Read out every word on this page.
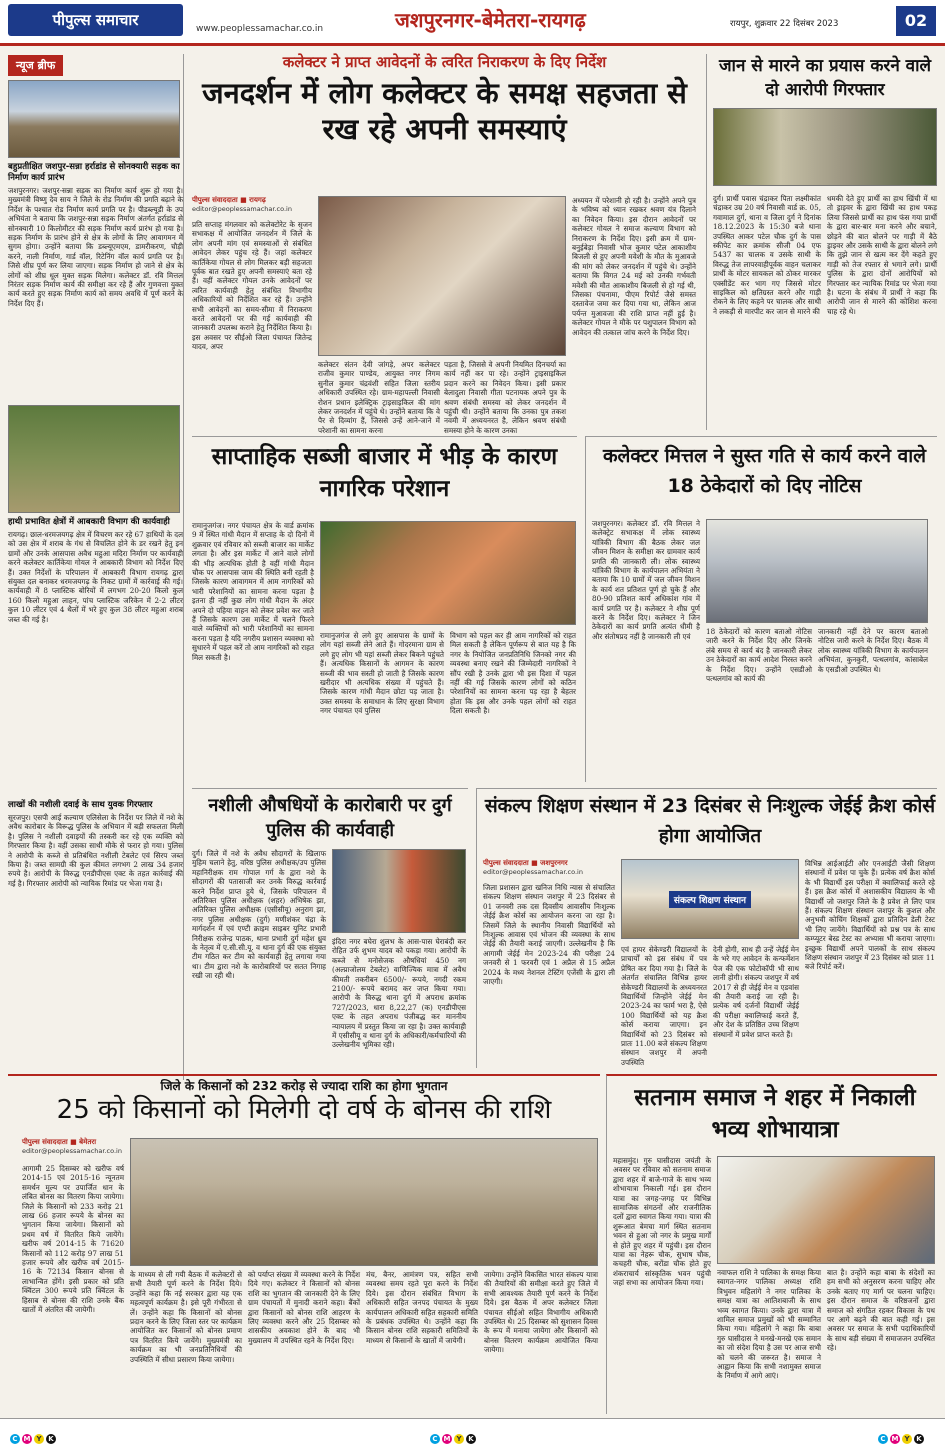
पीपुल्स समाचार	www.peoplessamachar.co.in	जशपुरनगर-बेमेतरा-रायगढ़	रायपुर, शुक्रवार 22 दिसंबर 2023	02
न्यूज ब्रीफ
बहुप्रतीक्षित जशपुर-सन्ना हर्राडांड से सोनक्यारी सड़क का निर्माण कार्य प्रारंभ
जशपुरनगर। जशपुर-सन्ना सड़क का निर्माण कार्य शुरू हो गया है। मुख्यमंत्री विष्णु देव साय ने जिले के रोड निर्माण की प्रगति बढ़ाने के निर्देश के पश्चात रोड निर्माण कार्य प्रगति पर है। पीडब्ल्यूडी के उप अभियंता ने बताया कि जशपुर-सन्ना सड़क निर्माण अंतर्गत हर्राडांड से सोनक्यारी 10 किलोमीटर की सड़क निर्माण कार्य प्रारंभ हो गया है। सड़क निर्माण के प्रारंभ होने से क्षेत्र के लोगों के लिए आवागमन में सुगम होगा। उन्होंने बताया कि डब्ल्यूएमएम, डामरीकरण, चौड़ी करने, नाली निर्माण, गार्ड वॉल, रिटेनिंग वॉल कार्य प्रगति पर है। जिसे शीघ्र पूर्ण कर लिया जाएगा। सड़क निर्माण हो जाने से क्षेत्र के लोगों को शीघ्र धूल मुक्त सड़क मिलेगा। कलेक्टर डॉ. रवि मित्तल निरंतर सड़क निर्माण कार्य की समीक्षा कर रहे हैं और गुणवत्ता युक्त कार्य करते हुए सड़क निर्माण कार्य को समय अवधि में पूर्ण करने के निर्देश दिए हैं।
हाथी प्रभावित क्षेत्रों में आबकारी विभाग की कार्यवाही
रायगढ़। छाल-धरमजयगढ़ क्षेत्र में विचरण कर रहे 67 हाथियों के दल को उस क्षेत्र में शराब के गंध से विचलित होने के डर रखने हेतु इन ग्रामों और उनके आसपास अवैध महुआ मदिरा निर्माण पर कार्यवाही करने कलेक्टर कार्तिकेया गोयल ने आबकारी विभाग को निर्देश दिए हैं। उक्त निर्देशों के परिपालन में आबकारी विभाग रायगढ़ द्वारा संयुक्त दल बनाकर धरमजयगढ़ के निकट ग्रामों में कार्रवाई की गई। कार्यवाही में 8 प्लास्टिक बोरियों में लगभग 20-20 किलो कुल 160 किलो महुआ लाहन, पांच प्लास्टिक जरिकेन में 2-2 लीटर कुल 10 लीटर एवं 4 थैलों में भरे हुए कुल 38 लीटर महुआ शराब जब्त की गई है।
लाखों की नशीली दवाई के साथ युवक गिरफ्तार
सूरजपुर। एसपी आई कल्याण एलिसेला के निर्देश पर जिले में नशे के अवैध कारोबार के विरूद्ध पुलिस के अभियान में बड़ी सफलता मिली है। पुलिस ने नशीली दवाइयों की तस्करी कर रहे एक व्यक्ति को गिरफ्तार किया है। वहीं उसका साथी मौके से फरार हो गया। पुलिस ने आरोपी के कब्जे से प्रतिबंधित नशीली टेबलेट एवं सिरप जब्त किया है। जब्त सामग्री की कुल कीमत लगभग 2 लाख 34 हजार रुपये है। आरोपी के विरुद्ध एनडीपीएस एक्ट के तहत कार्रवाई की गई है। गिरफ्तार आरोपी को न्यायिक रिमांड पर भेजा गया है।
कलेक्टर ने प्राप्त आवेदनों के त्वरित निराकरण के दिए निर्देश
जनदर्शन में लोग कलेक्टर के समक्ष सहजता से रख रहे अपनी समस्याएं
पीपुल्स संवाददाता ■ रायगढ़
editor@peoplessamachar.co.in
प्रति सप्ताह मंगलवार को कलेक्टोरेट के सृजन सभाकक्ष में आयोजित जनदर्शन में जिले के लोग अपनी मांग एवं समस्याओं से संबंधित आवेदन लेकर पहुंच रहे हैं। जहां कलेक्टर कार्तिकेया गोयल से लोग मिलकर बड़ी सहजता पूर्वक बात रखते हुए अपनी समस्याएं बता रहे हैं। वहीं कलेक्टर गोयल उनके आवेदनों पर त्वरित कार्यवाही हेतु संबंधित विभागीय अधिकारियों को निर्देशित कर रहे हैं। उन्होंने सभी आवेदनों का समय-सीमा में निराकरण करते आवेदनों पर की गई कार्यवाही की जानकारी उपलब्ध कराने हेतु निर्देशित किया है। इस अवसर पर सीईओ जिला पंचायत जितेन्द्र यादव, अपर
कलेक्टर संतन देवी जांगड़े, अपर कलेक्टर राजीव कुमार पाण्डेय, आयुक्त नगर निगम सुनील कुमार चंद्रवंशी सहित जिला स्तरीय अधिकारी उपस्थित रहे। ग्राम-महापल्ली निवासी रोशन प्रधान इलेक्ट्रिक ट्राइसाइकिल की मांग लेकर जनदर्शन में पहुंचे थे। उन्होंने बताया कि वे पैर से दिव्यांग हैं, जिससे उन्हें आने-जाने में परेशानी का सामना करना
पड़ता है, जिससे वे अपनी नियमित दिनचर्या का कार्य नहीं कर पा रहे। उन्होंने ट्राइसाइकिल प्रदान करने का निवेदन किया। इसी प्रकार बेलादुला निवासी गीता पटनायक अपने पुत्र के श्रवण संबंधी समस्या को लेकर जनदर्शन में पहुंची थी। उन्होंने बताया कि उनका पुत्र तकश नवमी में अध्ययनरत है, लेकिन श्रवण संबंधी समस्या होने के कारण उनका
अध्ययन में परेशानी हो रही है। उन्होंने अपने पुत्र के भविष्य को ध्यान रखकर श्रवण यंत्र दिलाने का निवेदन किया। इस दौरान आवेदनों पर कलेक्टर गोयल ने समाज कल्याण विभाग को निराकरण के निर्देश दिए। इसी क्रम में ग्राम-बनुईबेड़ा निवासी भोज कुमार पटेल आकाशीय बिजली से हुए अपनी मवेशी के मौत के मुआवजे की मांग को लेकर जनदर्शन में पहुंचे थे। उन्होंने बताया कि विगत 24 मई को उनकी गर्भवती मवेशी की मौत आकाशीय बिजली से हो गई थी, जिसका पंचनामा, पीएम रिपोर्ट जैसे समस्त दस्तावेज जमा कर दिया गया था, लेकिन आज पर्यन्त मुआवजा की राशि प्राप्त नहीं हुई है। कलेक्टर गोयल ने मौके पर पशुपालन विभाग को आवेदन की तत्काल जांच करने के निर्देश दिए।
जान से मारने का प्रयास करने वाले दो आरोपी गिरफ्तार
दुर्ग। प्रार्थी पवास चंद्राकर पिता लक्ष्मीकांत चंद्राकर उम्र 20 वर्ष निवासी वार्ड क्र. 05, गवामाल दुर्ग, थाना व जिला दुर्ग ने दिनांक 18.12.2023 के 15:30 बजे थाना उपस्थित आकर पटेल चौक दुर्ग के पास स्कीपेट कार क्रमांक सीजी 04 एफ 5437 का चालक व उसके साथी के विरुद्ध तेज लापरवाहीपूर्वक वाहन चलाकर प्रार्थी के मोटर सायकल को ठोकर मारकर एक्सीडेंट कर भाग गए जिससे मोटर साइकिल को क्षतिग्रस्त करने और गाड़ी रोकने के लिए कहने पर चालक और साथी ने लकड़ी से मारपीट कर जान से मारने की
धमकी देते हुए प्रार्थी का हाथ खिंची में था तो ड्राइवर के द्वारा खिंची का हाथ पकड़ लिया जिससे प्रार्थी का हाथ फंस गया प्रार्थी के द्वारा बार-बार मना करने और बचाने, छोड़ने की बात बोलने पर गाड़ी में बैठे ड्राइवर और उसके साथी के द्वारा बोलने लगे कि तुझे जान से खत्म कर देंगे कहते हुए गाड़ी को तेज रफ्तार से भगाने लगे। प्रार्थी पुलिस के द्वारा दोनों आरोपियों को गिरफ्तार कर न्यायिक रिमांड पर भेजा गया है। घटना के संबंध में प्रार्थी ने कहा कि आरोपी जान से मारने की कोशिश करना चाह रहे थे।
साप्ताहिक सब्जी बाजार में भीड़ के कारण नागरिक परेशान
रामानुजगंज। नगर पंचायत क्षेत्र के वार्ड क्रमांक 9 में स्थित गांधी मैदान में सप्ताह के दो दिनों में शुक्रवार एवं रविवार को सब्जी बाजार का मार्केट लगता है। और इस मार्केट में आने वाले लोगों की भीड़ अत्यधिक होती है वहीं गांधी मैदान चौक पर आसपास जाम की स्थिति बनी रहती है जिसके कारण आवागमन में आम नागरिकों को भारी परेशानियों का सामना करना पड़ता है इतना ही नहीं कुछ लोग गांधी मैदान के अंदर अपने दो पहिया वाहन को लेकर प्रवेश कर जाते हैं जिसके कारण उस मार्केट में चलने फिरने वाले व्यक्तियों को भारी परेशानियों का सामना करना पड़ता है यदि नगरीय प्रशासन व्यवस्था को सुधारने में पहल करें तो आम नागरिकों को राहत मिल सकती है।
रामानुजगंज से लगे हुए आसपास के ग्रामों के लोग यहां सब्जी लेने आते हैं। गोदरमाना ग्राम से लगे हुए लोग भी यहां सब्जी लेकर बिकने पहुंचते हैं। अत्यधिक किसानों के आगमन के कारण सब्जी की भाव सस्ती हो जाती है जिसके कारण खरीदार भी अत्यधिक संख्या में पहुंचते हैं। जिसके कारण गांधी मैदान छोटा पड़ जाता है। उक्त समस्या के समाधान के लिए सुरक्षा विभाग नगर पंचायत एवं पुलिस
विभाग को पहल कर ही आम नागरिकों को राहत मिल सकती है लेकिन पूर्णरूप से बात यह है कि नगर के नियोजित जनप्रतिनिधि जिनको नगर की व्यवस्था बनाए रखने की जिम्मेदारी नागरिकों ने सौंप रखी है उनके द्वारा भी इस दिशा में पहल नहीं की गई जिसके कारण लोगों को कठिन परेशानियों का सामना करना पड़ रहा है बेहतर होता कि इस और उनके पहल लोगों को राहत दिला सकती है।
कलेक्टर मित्तल ने सुस्त गति से कार्य करने वाले 18 ठेकेदारों को दिए नोटिस
जशपुरनगर। कलेक्टर डॉ. रवि मित्तल ने कलेक्ट्रेट सभाकक्ष में लोक स्वास्थ्य यांत्रिकी विभाग की बैठक लेकर जल जीवन मिशन के समीक्षा कर ग्रामवार कार्य प्रगति की जानकारी ली। लोक स्वास्थ्य यांत्रिकी विभाग के कार्यपालन अभियंता ने बताया कि 10 ग्रामों में जल जीवन मिशन के कार्य शत प्रतिशत पूर्ण हो चुके हैं और 80-90 प्रतिशत कार्य अधिकांश गांव में कार्य प्रगति पर है। कलेक्टर ने शीघ्र पूर्ण करने के निर्देश दिए। कलेक्टर ने जिन ठेकेदारों का कार्य प्रगति अत्यंत धीमी है और संतोषप्रद नहीं है जानकारी ली एवं
18 ठेकेदारों को कारण बताओ नोटिस जारी करने के निर्देश दिए और जिनके लंबे समय से कार्य बंद है जानकारी लेकर उन ठेकेदारों का कार्य आदेश निरस्त करने के निर्देश दिए। उन्होंने एसडीओ पत्थलगांव को कार्य की
जानकारी नहीं देने पर कारण बताओ नोटिस जारी करने के निर्देश दिए। बैठक में लोक स्वास्थ्य यांत्रिकी विभाग के कार्यपालन अभियंता, कुनकुरी, पत्थलगांव, कांसाबेल के एसडीओ उपस्थित थे।
नशीली औषधियों के कारोबारी पर दुर्ग पुलिस की कार्यवाही
दुर्ग। जिले में नशे के अवैध सौदागरों के खिलाफ मुहिम चलाने हेतु, वरिष्ठ पुलिस अधीक्षक/उप पुलिस महानिरीक्षक राम गोपाल गर्ग के द्वारा नशे के सौदागरों की पतासाजी कर उनके विरुद्ध कार्रवाई करने निर्देश प्राप्त हुये थे, जिसके परिपालन में अतिरिक्त पुलिस अधीक्षक (शहर) अभिषेक झा, अतिरिक्त पुलिस अधीक्षक (एसीसीयू) अनुराग झा, नगर पुलिस अधीक्षक (दुर्ग) मणीशंकर चंद्रा के मार्गदर्शन में एवं एण्टी क्राइम साइबर यूनिट प्रभारी निरीक्षक राजेन्द्र पाठक, थाना प्रभारी दुर्ग महेश ध्रुव के नेतृत्व में ए.सी.सी.यू. व थाना दुर्ग की एक संयुक्त टीम गठित कर टीम को कार्यवाही हेतु लगाया गया था। टीम द्वारा नशे के कारोबारियों पर सतत निगाह रखी जा रही थी।
इंदिरा नगर बघेरा शुलभ के आस-पास घेराबंदी कर रोहित उर्फ शुभम यादव को पकड़ा गया। आरोपी के कब्जे से मनोसेजक औषधियां 450 नग (अल्प्राजोलम टेबलेट) वाणिज्यिक मात्रा में अवैध कीमती तकरीबन 6500/- रूपये, नगदी रकम 2100/- रूपये बरामद कर जप्त किया गया। आरोपी के विरुद्ध थाना दुर्ग में अपराध क्रमांक 727/2023, धारा 8,22,27 (क) एनडीपीएस एक्ट के तहत अपराध पंजीबद्ध कर माननीय न्यायालय में प्रस्तुत किया जा रहा है। उक्त कार्यवाही में एसीसीयू व थाना दुर्ग के अधिकारी/कर्मचारियों की उल्लेखनीय भूमिका रही।
संकल्प शिक्षण संस्थान में 23 दिसंबर से निःशुल्क जेईई क्रैश कोर्स होगा आयोजित
पीपुल्स संवाददाता ■ जशपुरनगर
editor@peoplessamachar.co.in
जिला प्रशासन द्वारा खनिज निधि न्यास से संचालित संकल्प शिक्षण संस्थान जशपुर में 23 दिसंबर से 01 जनवरी तक दस दिवसीय आवासीय निःशुल्क जेईई क्रैश कोर्स का आयोजन करना जा रहा है। जिसमें जिले के स्थानीय निवासी विद्यार्थियों को निःशुल्क आवास एवं भोजन की व्यवस्था के साथ जेईई की तैयारी कराई जाएगी। उल्लेखनीय है कि आगामी जेईई मेन 2023-24 की परीक्षा 24 जनवरी से 1 फरवरी एवं 1 अप्रैल से 15 अप्रैल 2024 के मध्य नेशनल टेस्टिंग एजेंसी के द्वारा ली जाएगी।
संकल्प शिक्षण संस्थान
एवं हायर सेकेण्डरी विद्यालयों के प्राचार्यों को इस संबंध में पत्र प्रेषित कर दिया गया है। जिले के अंतर्गत संचालित विभिन्न हायर सेकेण्डरी विद्यालयों के अध्ययनरत विद्यार्थियों जिन्होंने जेईई मेन 2023-24 का फार्म भरा है, ऐसे 100 विद्यार्थियों को यह क्रैश कोर्स कराया जाएगा। इन विद्यार्थियों को 23 दिसंबर को प्रातः 11.00 बजे संकल्प शिक्षण संस्थान जशपुर में अपनी उपस्थिति
देनी होगी, साथ ही उन्हें जेईई मेन के भरे गए आवेदन के कन्फर्मेशन पेज की एक फोटोकॉपी भी साथ लानी होगी। संकल्प जशपुर में वर्ष 2017 से ही जेईई मेन व एडवांस की तैयारी कराई जा रही है। प्रत्येक वर्ष दर्जनों विद्यार्थी जेईई की परीक्षा क्वालिफाई करते हैं, और देश के प्रतिष्ठित उच्च शिक्षण संस्थानों में प्रवेश प्राप्त करते हैं।
विभिन्न आईआईटी और एनआईटी जैसी शिक्षण संस्थानों में प्रवेश पा चुके हैं। प्रत्येक वर्ष क्रैश कोर्स के भी विद्यार्थी इस परीक्षा में क्वालिफाई करते रहे हैं। इस क्रैश कोर्स में अशासकीय विद्यालय के भी विद्यार्थी जो जशपुर जिले के है प्रवेश ले लिए पात्र हैं। संकल्प शिक्षण संस्थान जशपुर के कुशल और अनुभवी कोचिंग शिक्षकों द्वारा प्रतिदिन डेली टेस्ट भी लिए जायेंगे। विद्यार्थियों को प्रश्न पत्र के साथ कम्प्यूटर बेस्ड टेस्ट का अभ्यास भी कराया जाएगा। इच्छुक विद्यार्थी अपने पालकों के साथ संकल्प शिक्षण संस्थान जशपुर में 23 दिसंबर को प्रातः 11 बजे रिपोर्ट करें।
जिले के किसानों को 232 करोड़ से ज्यादा राशि का होगा भुगतान
25 को किसानों को मिलेगी दो वर्ष के बोनस की राशि
पीपुल्स संवाददाता ■ बेमेतरा
editor@peoplessamachar.co.in
आगामी 25 दिसम्बर को खरीफ वर्ष 2014-15 एवं 2015-16 न्यूनतम समर्थन मूल्य पर उपार्जित धान के लंबित बोनस का वितरण किया जायेगा। जिले के किसानों को 233 करोड़ 21 लाख 66 हजार रूपये के बोनस का भुगतान किया जायेगा। किसानों को प्रथम वर्ष में वितरित किये जायेंगे। खरीफ वर्ष 2014-15 के 71620 किसानों को 112 करोड़ 97 लाख 51 हजार रूपये और खरीफ वर्ष 2015-16 के 72134 किसान बोनस से लाभान्वित होंगे। इसी प्रकार को प्रति क्विंटल 300 रूपये प्रति क्विंटल के हिसाब से बोनस की राशि उनके बैंक खातों में अंतरित की जायेगी।
के माध्यम से ली गयी बैठक में कलेक्टरों से सभी तैयारी पूर्ण करने के निर्देश दिये। उन्होंने कहा कि नई सरकार द्वारा यह एक महत्वपूर्ण कार्यक्रम है। इसे पूरी गंभीरता से लें। उन्होंने कहा कि किसानों को बोनस प्रदान करने के लिए जिला स्तर पर कार्यक्रम आयोजित कर किसानों को बोनस प्रमाण पत्र वितरित किये जायेंगे। मुख्यमंत्री का कार्यक्रम का भी जनप्रतिनिधियों की उपस्थिति में सीधा प्रसारण किया जायेगा।
को पर्याप्त संख्या में व्यवस्था करने के निर्देश दिये गए। कलेक्टर ने किसानों को बोनस राशि का भुगतान की जानकारी देने के लिए ग्राम पंचायतों में मुनादी कराने कहा। बैंकों द्वारा किसानों को बोनस राशि आहरण के लिए व्यवस्था करने और 25 दिसम्बर को शासकीय अवकाश होने के बाद भी मुख्यालय में उपस्थित रहने के निर्देश दिए।
मंच, बैनर, आमंत्रण पत्र, सहित सभी व्यवस्था समय रहते पूरा करने के निर्देश दिये। इस दौरान संबंधित विभाग के अधिकारी सहित जनपद पंचायत के मुख्य कार्यपालन अधिकारी सहित सहकारी समिति के प्रबंधक उपस्थित थे। उन्होंने कहा कि किसान बोनस राशि सहकारी समितियों के माध्यम से किसानों के खातों में जायेगी।
जायेगा। उन्होंने विकसित भारत संकल्प यात्रा की तैयारियों की समीक्षा करते हुए जिले में सभी आवश्यक तैयारी पूर्ण करने के निर्देश दिये। इस बैठक में अपर कलेक्टर जिला पंचायत सीईओ सहित विभागीय अधिकारी उपस्थित थे। 25 दिसम्बर को सुशासन दिवस के रूप में मनाया जायेगा और किसानों को बोनस वितरण कार्यक्रम आयोजित किया जायेगा।
सतनाम समाज ने शहर में निकाली भव्य शोभायात्रा
महासमुंद। गुरु घासीदास जयंती के अवसर पर रविवार को सतनाम समाज द्वारा शहर में बाजे-गाजे के साथ भव्य शोभायात्रा निकाली गई। इस दौरान यात्रा का जगह-जगह पर विभिन्न सामाजिक संगठनों और राजनीतिक दलों द्वारा स्वागत किया गया। यात्रा की शुरूआत बेमचा मार्ग स्थित सतनाम भवन से हुआ जो नगर के प्रमुख मार्गों से होते हुए शहर में पहुंची। इस दौरान यात्रा का नेहरू चौक, सुभाष चौक, कचहरी चौक, बरोंडा चौक होते हुए शंकराचार्य सांस्कृतिक भवन पहुंची जहां सभा का आयोजन किया गया।
नवाफल राशि ने पालिका के समक्ष किया स्वागत-नगर पालिका अध्यक्ष राशि त्रिभुवन महिलांगे ने नगर पालिका के समक्ष यात्रा का आतिशबाजी के साथ भव्य स्वागत किया। उनके द्वारा यात्रा में शामिल समाज प्रमुखों को भी सम्मानित किया गया। महिलांगे ने कहा कि बाबा गुरु घासीदास ने मनखे-मनखे एक समान का जो संदेश दिया है उस पर आज सभी को चलने की जरूरत है। समाज ने आह्वान किया कि सभी नशामुक्त समाज के निर्माण में आगे आएं।
बात है। उन्होंने कहा बाबा के संदेशों का हम सभी को अनुसरण करना चाहिए और उनके बताए गए मार्ग पर चलना चाहिए। इस दौरान समाज के वरिष्ठजनों द्वारा समाज को संगठित रहकर विकास के पथ पर आगे बढ़ने की बात कही गई। इस अवसर पर समाज के सभी पदाधिकारियों के साथ बड़ी संख्या में समाजजन उपस्थित रहे।
C M Y K	C M Y K	C M Y K
